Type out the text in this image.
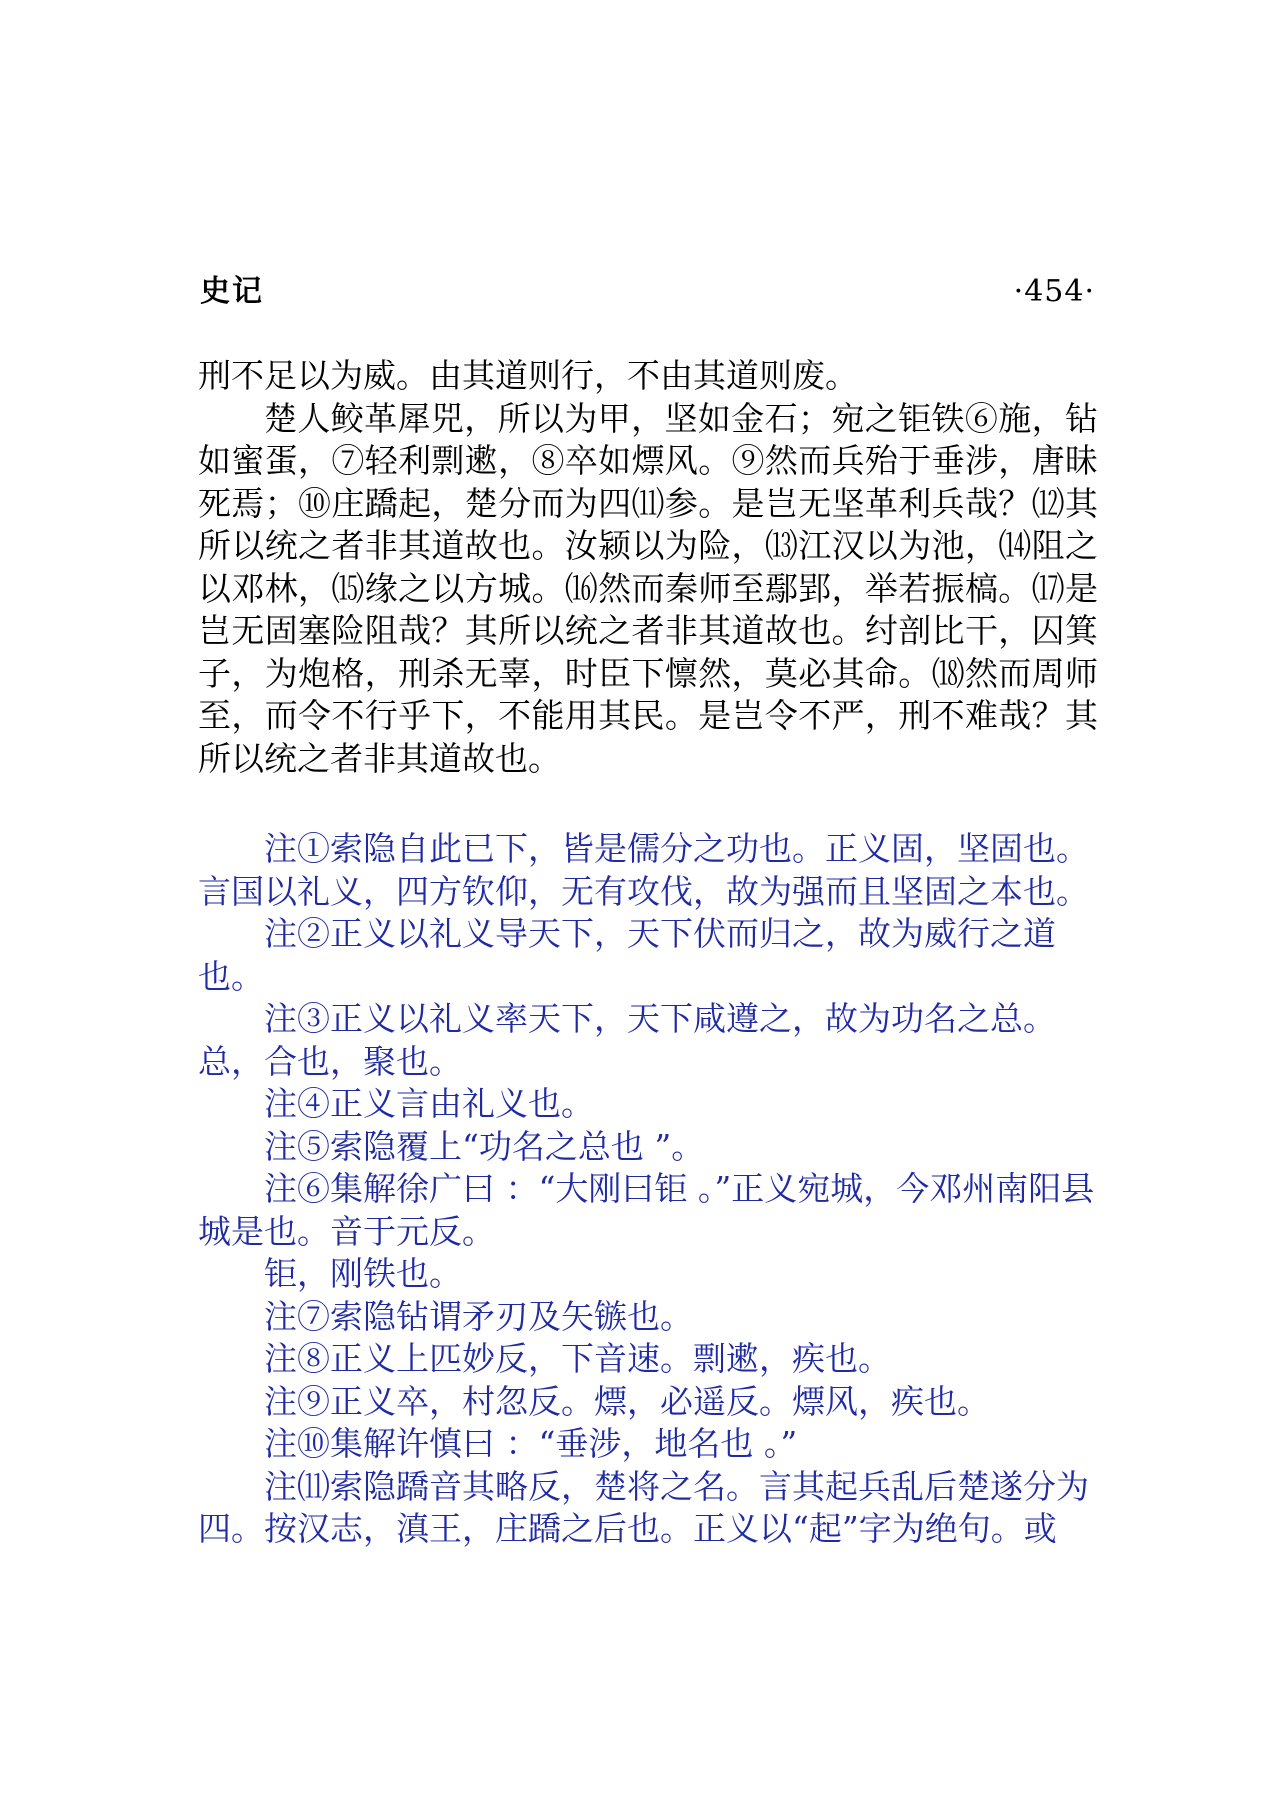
史记	·454·

刑不足以为威。由其道则行，不由其道则废。

楚人鲛革犀兕，所以为甲，坚如金石；宛之钜铁⑥施，钻如蜜蛋，⑦轻利剽遬，⑧卒如熛风。⑨然而兵殆于垂涉，唐昧死焉；⑩庄蹻起，楚分而为四⑾参。是岂无坚革利兵哉？⑿其所以统之者非其道故也。汝颍以为险，⒀江汉以为池，⒁阻之以邓林，⒂缘之以方城。⒃然而秦师至鄢郢，举若振槁。⒄是岂无固塞险阻哉？其所以统之者非其道故也。纣剖比干，囚箕子，为炮格，刑杀无辜，时臣下懔然，莫必其命。⒅然而周师至，而令不行乎下，不能用其民。是岂令不严，刑不难哉？其所以统之者非其道故也。

注①索隐自此已下，皆是儒分之功也。正义固，坚固也。言国以礼义，四方钦仰，无有攻伐，故为强而且坚固之本也。

注②正义以礼义导天下，天下伏而归之，故为威行之道也。

注③正义以礼义率天下，天下咸遵之，故为功名之总。总，合也，聚也。

注④正义言由礼义也。

注⑤索隐覆上“功名之总也 ”。

注⑥集解徐广曰 ：“大刚曰钜 。”正义宛城，今邓州南阳县城是也。音于元反。

钜，刚铁也。

注⑦索隐钻谓矛刃及矢镞也。

注⑧正义上匹妙反，下音速。剽遬，疾也。

注⑨正义卒，村忽反。熛，必遥反。熛风，疾也。

注⑩集解许慎曰 ：“垂涉，地名也 。”

注⑾索隐蹻音其略反，楚将之名。言其起兵乱后楚遂分为四。按汉志，滇王，庄蹻之后也。正义以“起”字为绝句。或
